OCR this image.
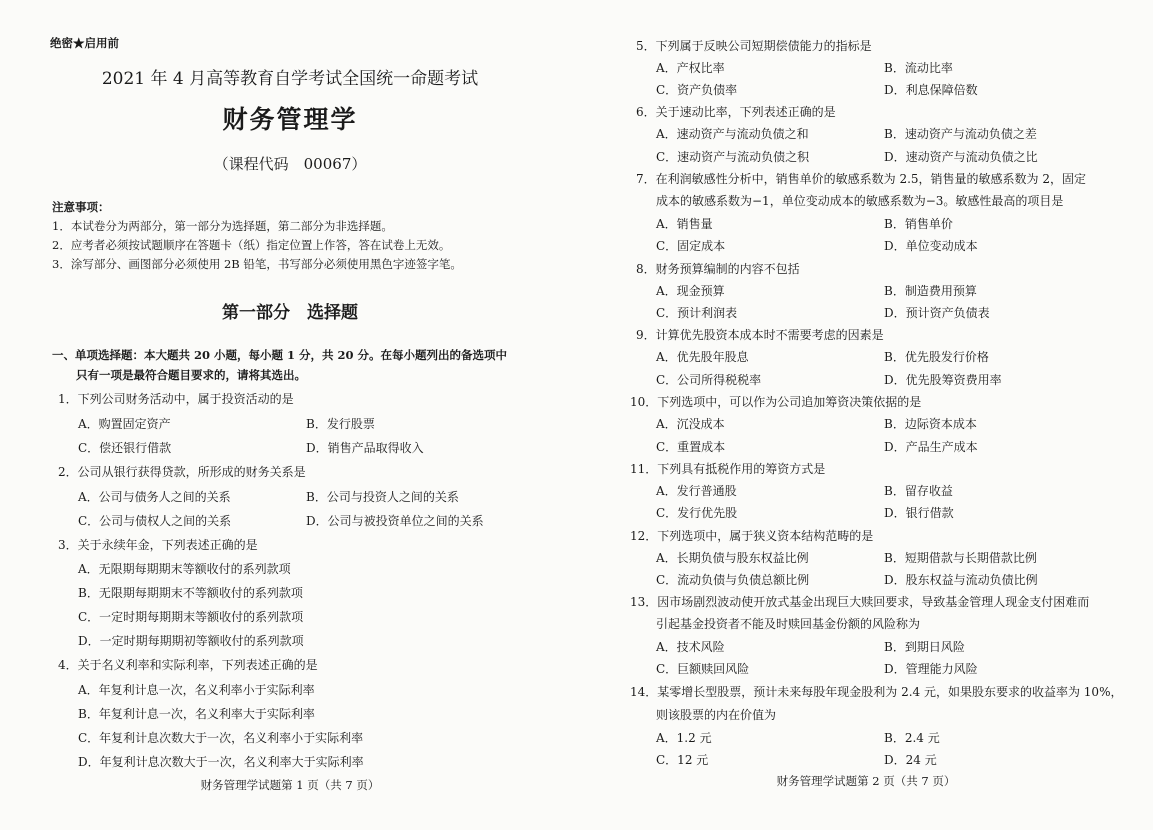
绝密★启用前
2021 年 4 月高等教育自学考试全国统一命题考试
财务管理学
（课程代码　00067）
注意事项：
1．本试卷分为两部分，第一部分为选择题，第二部分为非选择题。
2．应考者必须按试题顺序在答题卡（纸）指定位置上作答，答在试卷上无效。
3．涂写部分、画图部分必须使用 2B 铅笔，书写部分必须使用黑色字迹签字笔。
第一部分　选择题
一、单项选择题：本大题共 20 小题，每小题 1 分，共 20 分。在每小题列出的备选项中
只有一项是最符合题目要求的，请将其选出。
1．下列公司财务活动中，属于投资活动的是
A．购置固定资产	B．发行股票
C．偿还银行借款	D．销售产品取得收入
2．公司从银行获得贷款，所形成的财务关系是
A．公司与债务人之间的关系	B．公司与投资人之间的关系
C．公司与债权人之间的关系	D．公司与被投资单位之间的关系
3．关于永续年金，下列表述正确的是
A．无限期每期期末等额收付的系列款项
B．无限期每期期末不等额收付的系列款项
C．一定时期每期期末等额收付的系列款项
D．一定时期每期期初等额收付的系列款项
4．关于名义利率和实际利率，下列表述正确的是
A．年复利计息一次，名义利率小于实际利率
B．年复利计息一次，名义利率大于实际利率
C．年复利计息次数大于一次，名义利率小于实际利率
D．年复利计息次数大于一次，名义利率大于实际利率
财务管理学试题第 1 页（共 7 页）
5．下列属于反映公司短期偿债能力的指标是
A．产权比率	B．流动比率
C．资产负债率	D．利息保障倍数
6．关于速动比率，下列表述正确的是
A．速动资产与流动负债之和	B．速动资产与流动负债之差
C．速动资产与流动负债之积	D．速动资产与流动负债之比
7．在利润敏感性分析中，销售单价的敏感系数为 2.5，销售量的敏感系数为 2，固定
成本的敏感系数为−1，单位变动成本的敏感系数为−3。敏感性最高的项目是
A．销售量	B．销售单价
C．固定成本	D．单位变动成本
8．财务预算编制的内容不包括
A．现金预算	B．制造费用预算
C．预计利润表	D．预计资产负债表
9．计算优先股资本成本时不需要考虑的因素是
A．优先股年股息	B．优先股发行价格
C．公司所得税税率	D．优先股筹资费用率
10．下列选项中，可以作为公司追加筹资决策依据的是
A．沉没成本	B．边际资本成本
C．重置成本	D．产品生产成本
11．下列具有抵税作用的筹资方式是
A．发行普通股	B．留存收益
C．发行优先股	D．银行借款
12．下列选项中，属于狭义资本结构范畴的是
A．长期负债与股东权益比例	B．短期借款与长期借款比例
C．流动负债与负债总额比例	D．股东权益与流动负债比例
13．因市场剧烈波动使开放式基金出现巨大赎回要求，导致基金管理人现金支付困难而
引起基金投资者不能及时赎回基金份额的风险称为
A．技术风险	B．到期日风险
C．巨额赎回风险	D．管理能力风险
14．某零增长型股票，预计未来每股年现金股利为 2.4 元，如果股东要求的收益率为 10%，
则该股票的内在价值为
A．1.2 元	B．2.4 元
C．12 元	D．24 元
财务管理学试题第 2 页（共 7 页）
